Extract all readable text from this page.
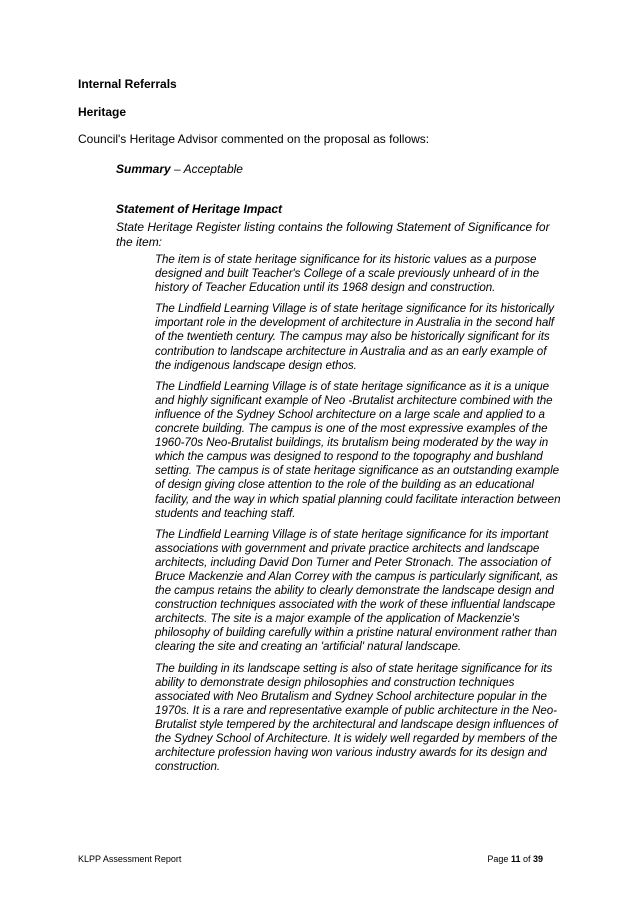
Internal Referrals

Heritage

Council's Heritage Advisor commented on the proposal as follows:

Summary – Acceptable

Statement of Heritage Impact

State Heritage Register listing contains the following Statement of Significance for the item:

The item is of state heritage significance for its historic values as a purpose designed and built Teacher's College of a scale previously unheard of in the history of Teacher Education until its 1968 design and construction.

The Lindfield Learning Village is of state heritage significance for its historically important role in the development of architecture in Australia in the second half of the twentieth century. The campus may also be historically significant for its contribution to landscape architecture in Australia and as an early example of the indigenous landscape design ethos.

The Lindfield Learning Village is of state heritage significance as it is a unique and highly significant example of Neo -Brutalist architecture combined with the influence of the Sydney School architecture on a large scale and applied to a concrete building. The campus is one of the most expressive examples of the 1960-70s Neo-Brutalist buildings, its brutalism being moderated by the way in which the campus was designed to respond to the topography and bushland setting. The campus is of state heritage significance as an outstanding example of design giving close attention to the role of the building as an educational facility, and the way in which spatial planning could facilitate interaction between students and teaching staff.

The Lindfield Learning Village is of state heritage significance for its important associations with government and private practice architects and landscape architects, including David Don Turner and Peter Stronach. The association of Bruce Mackenzie and Alan Correy with the campus is particularly significant, as the campus retains the ability to clearly demonstrate the landscape design and construction techniques associated with the work of these influential landscape architects. The site is a major example of the application of Mackenzie's philosophy of building carefully within a pristine natural environment rather than clearing the site and creating an 'artificial' natural landscape.

The building in its landscape setting is also of state heritage significance for its ability to demonstrate design philosophies and construction techniques associated with Neo Brutalism and Sydney School architecture popular in the 1970s. It is a rare and representative example of public architecture in the Neo-Brutalist style tempered by the architectural and landscape design influences of the Sydney School of Architecture. It is widely well regarded by members of the architecture profession having won various industry awards for its design and construction.

KLPP Assessment Report	Page 11 of 39
